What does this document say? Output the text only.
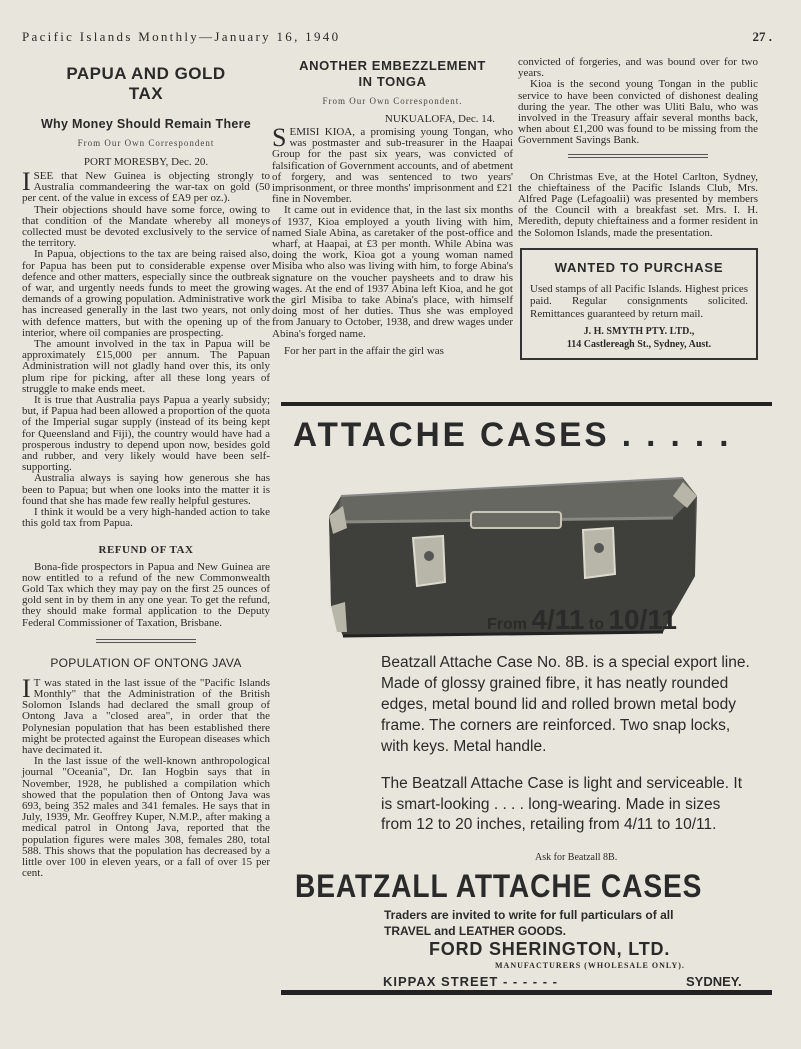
Pacific Islands Monthly—January 16, 1940	27 .
PAPUA AND GOLD
TAX
Why Money Should Remain There
From Our Own Correspondent
PORT MORESBY, Dec. 20.

ISEE that New Guinea is objecting strongly to Australia commandeering the war-tax on gold (50 per cent. of the value in excess of £A9 per oz.).

Their objections should have some force, owing to that condition of the Mandate whereby all moneys collected must be devoted exclusively to the service of the territory.

In Papua, objections to the tax are being raised also, for Papua has been put to considerable expense over defence and other matters, especially since the outbreak of war, and urgently needs funds to meet the growing demands of a growing population. Administrative work has increased generally in the last two years, not only with defence matters, but with the opening up of the interior, where oil companies are prospecting.

The amount involved in the tax in Papua will be approximately £15,000 per annum. The Papuan Administration will not gladly hand over this, its only plum ripe for picking, after all these long years of struggle to make ends meet.

It is true that Australia pays Papua a yearly subsidy; but, if Papua had been allowed a proportion of the quota of the Imperial sugar supply (instead of its being kept for Queensland and Fiji), the country would have had a prosperous industry to depend upon now, besides gold and rubber, and very likely would have been self-supporting.

Australia always is saying how generous she has been to Papua; but when one looks into the matter it is found that she has made few really helpful gestures.

I think it would be a very high-handed action to take this gold tax from Papua.

REFUND OF TAX

Bona-fide prospectors in Papua and New Guinea are now entitled to a refund of the new Commonwealth Gold Tax which they may pay on the first 25 ounces of gold sent in by them in any one year. To get the refund, they should make formal application to the Deputy Federal Commissioner of Taxation, Brisbane.

POPULATION OF ONTONG JAVA

I T was stated in the last issue of the "Pacific Islands Monthly" that the Administration of the British Solomon Islands had declared the small group of Ontong Java a "closed area", in order that the Polynesian population that has been established there might be protected against the European diseases which have decimated it.

In the last issue of the well-known anthropological journal "Oceania", Dr. Ian Hogbin says that in November, 1928, he published a compilation which showed that the population then of Ontong Java was 693, being 352 males and 341 females. He says that in July, 1939, Mr. Geoffrey Kuper, N.M.P., after making a medical patrol in Ontong Java, reported that the population figures were males 308, females 280, total 588. This shows that the population has decreased by a little over 100 in eleven years, or a fall of over 15 per cent.

ANOTHER EMBEZZLEMENT
IN TONGA
From Our Own Correspondent.
NUKUALOFA, Dec. 14.

SEMISI KIOA, a promising young Tongan, who was postmaster and sub-treasurer in the Haapai Group for the past six years, was convicted of falsification of Government accounts, and of abetment of forgery, and was sentenced to two years' imprisonment, or three months' imprisonment and £21 fine in November.

It came out in evidence that, in the last six months of 1937, Kioa employed a youth living with him, named Siale Abina, as caretaker of the post-office and wharf, at Haapai, at £3 per month. While Abina was doing the work, Kioa got a young woman named Misiba who also was living with him, to forge Abina's signature on the voucher paysheets and to draw his wages. At the end of 1937 Abina left Kioa, and he got the girl Misiba to take Abina's place, with himself doing most of her duties. Thus she was employed from January to October, 1938, and drew wages under Abina's forged name.

For her part in the affair the girl was

convicted of forgeries, and was bound over for two years.

Kioa is the second young Tongan in the public service to have been convicted of dishonest dealing during the year. The other was Uliti Balu, who was involved in the Treasury affair several months back, when about £1,200 was found to be missing from the Government Savings Bank.

On Christmas Eve, at the Hotel Carlton, Sydney, the chieftainess of the Pacific Islands Club, Mrs. Alfred Page (Lefagoalii) was presented by members of the Council with a breakfast set. Mrs. I. H. Meredith, deputy chieftainess and a former resident in the Solomon Islands, made the presentation.

WANTED TO PURCHASE
Used stamps of all Pacific Islands. Highest prices paid. Regular consignments solicited. Remittances guaranteed by return mail.
J. H. SMYTH PTY. LTD.,
114 Castlereagh St., Sydney, Aust.
ATTACHE CASES . . . . .
From 4/11 to 10/11
Beatzall Attache Case No. 8B. is a special export line. Made of glossy grained fibre, it has neatly rounded edges, metal bound lid and rolled brown metal body frame. The corners are reinforced. Two snap locks, with keys. Metal handle.
The Beatzall Attache Case is light and serviceable. It is smart-looking . . . . long-wearing. Made in sizes from 12 to 20 inches, retailing from 4/11 to 10/11.
Ask for Beatzall 8B.
BEATZALL ATTACHE CASES
Traders are invited to write for full particulars of all
TRAVEL and LEATHER GOODS.
FORD SHERINGTON, LTD.
MANUFACTURERS (WHOLESALE ONLY).
KIPPAX STREET - - - - - -	SYDNEY.
